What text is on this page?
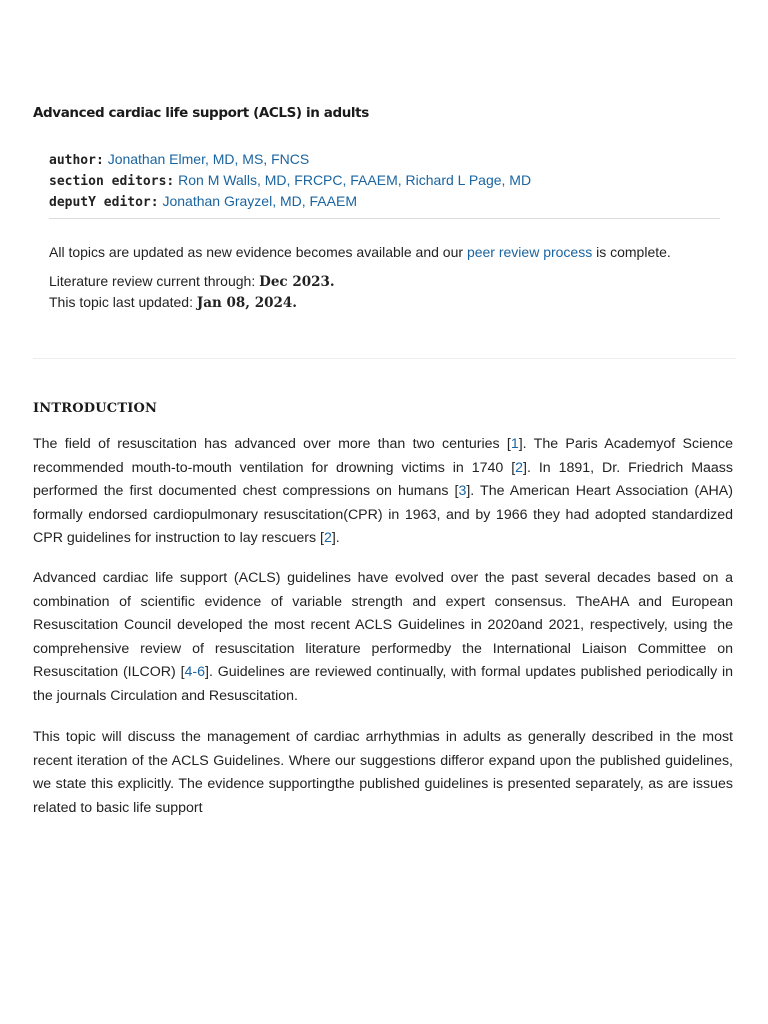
Advanced cardiac life support (ACLS) in adults
author: Jonathan Elmer, MD, MS, FNCS
section editors: Ron M Walls, MD, FRCPC, FAAEM, Richard L Page, MD
deputY editor: Jonathan Grayzel, MD, FAAEM
All topics are updated as new evidence becomes available and our peer review process is complete.
Literature review current through: Dec 2023.
This topic last updated: Jan 08, 2024.
INTRODUCTION
The field of resuscitation has advanced over more than two centuries [1]. The Paris Academyof Science recommended mouth-to-mouth ventilation for drowning victims in 1740 [2]. In 1891, Dr. Friedrich Maass performed the first documented chest compressions on humans [3]. The American Heart Association (AHA) formally endorsed cardiopulmonary resuscitation(CPR) in 1963, and by 1966 they had adopted standardized CPR guidelines for instruction to lay rescuers [2].
Advanced cardiac life support (ACLS) guidelines have evolved over the past several decades based on a combination of scientific evidence of variable strength and expert consensus. TheAHA and European Resuscitation Council developed the most recent ACLS Guidelines in 2020and 2021, respectively, using the comprehensive review of resuscitation literature performedby the International Liaison Committee on Resuscitation (ILCOR) [4-6]. Guidelines are reviewed continually, with formal updates published periodically in the journals Circulation and Resuscitation.
This topic will discuss the management of cardiac arrhythmias in adults as generally described in the most recent iteration of the ACLS Guidelines. Where our suggestions differor expand upon the published guidelines, we state this explicitly. The evidence supportingthe published guidelines is presented separately, as are issues related to basic life support
